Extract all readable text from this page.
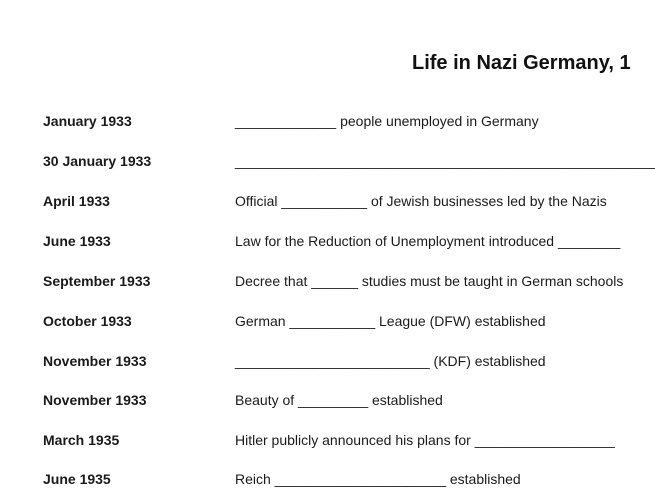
Life in Nazi Germany, 1
January 1933	_____________ people unemployed in Germany
30 January 1933	______________________________________________________
April 1933	Official ___________ of Jewish businesses led by the Nazis
June 1933	Law for the Reduction of Unemployment introduced ________
September 1933	Decree that ______ studies must be taught in German schools
October 1933	German ___________ League (DFW) established
November 1933	_________________________ (KDF) established
November 1933	Beauty of _________ established
March 1935	Hitler publicly announced his plans for __________________
June 1935	Reich ______________________ established
